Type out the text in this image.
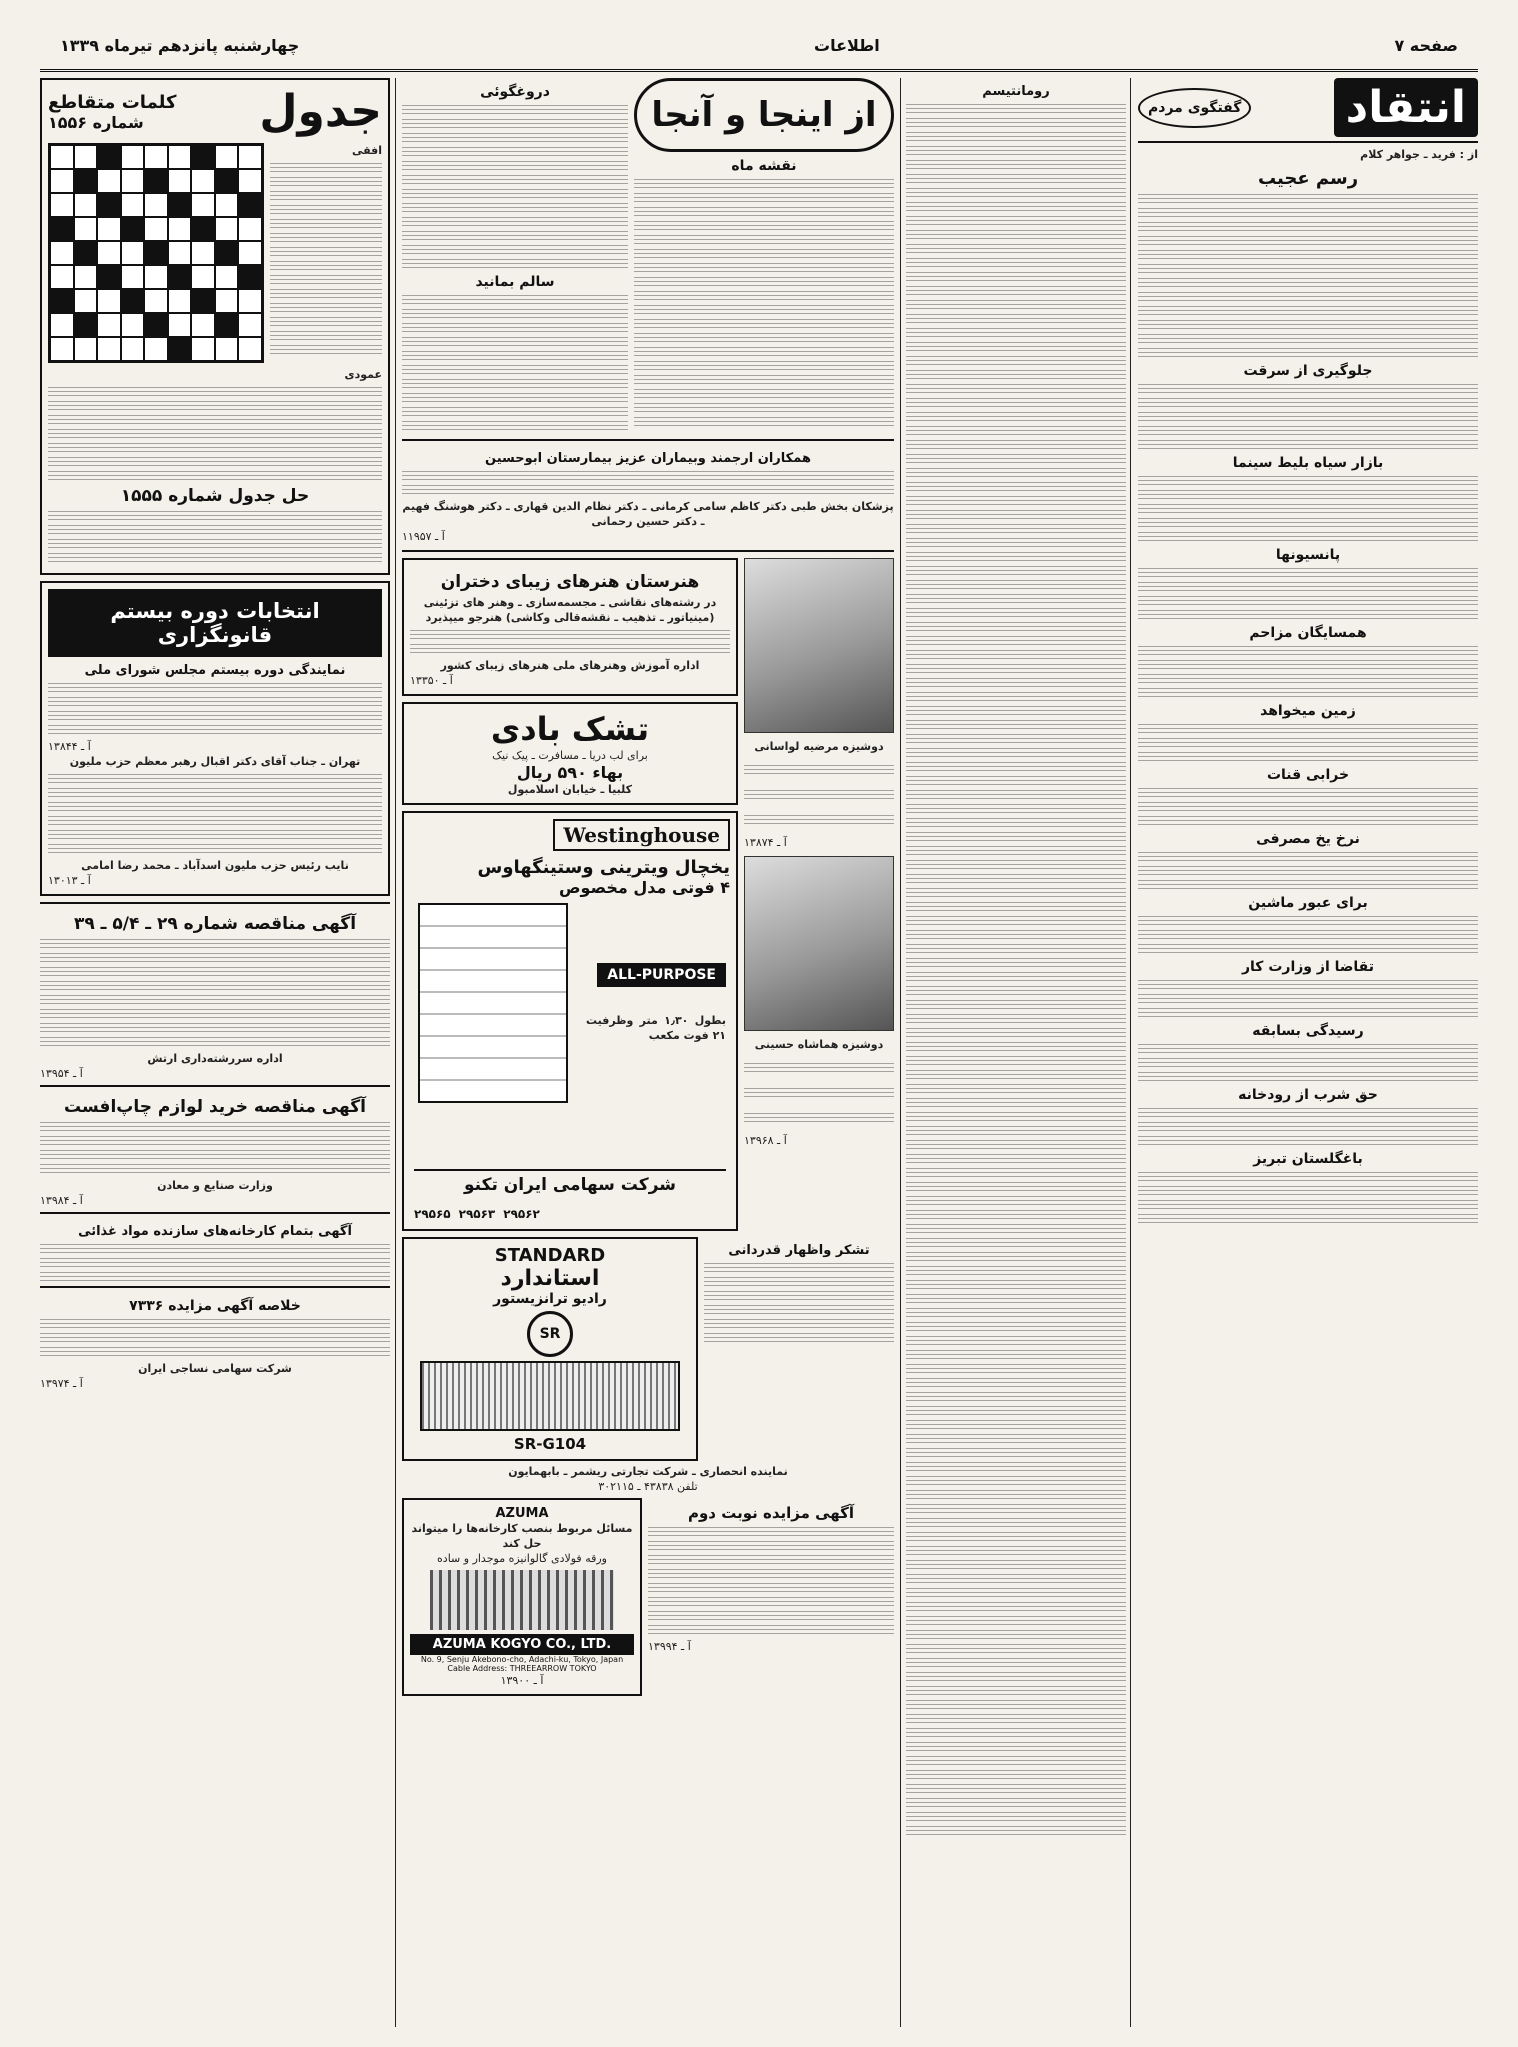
صفحه ۷
اطلاعات
چهارشنبه پانزدهم تیرماه ۱۳۳۹
انتقاد
گفتگوی مردم
از : فرید ـ جواهر کلام
رسم عجیب
جلوگیری از سرقت
بازار سیاه بلیط سینما
پانسیونها
همسایگان مزاحم
زمین میخواهد
خرابی قنات
نرخ یخ مصرفی
برای عبور ماشین
تقاضا از وزارت کار
رسیدگی بسابقه
حق شرب از رودخانه
باغگلستان تبریز
از اینجا و آنجا
نقشه ماه
دروغگوئی
سالم بمانید
همکاران ارجمند وبیماران عزیز بیمارستان ابوحسین
پزشکان بخش طبی دکتر کاظم سامی کرمانی ـ دکتر نظام الدین قهاری ـ دکتر هوشنگ فهیم ـ دکتر حسین رحمانی
آ ـ ۱۱۹۵۷
دوشیزه مرضیه لواسانی
آ ـ ۱۳۸۷۴
دوشیزه هماشاه حسینی
آ ـ ۱۳۹۶۸
هنرستان هنرهای زیبای دختران
در رشته‌های نقاشی ـ مجسمه‌سازی ـ وهنر های تزئینی (مینیاتور ـ تذهیب ـ نقشه‌قالی وکاشی) هنرجو میپذیرد
اداره آموزش وهنرهای ملی هنرهای زیبای کشور
آ ـ ۱۳۳۵۰
تشک بادی
برای لب دریا ـ مسافرت ـ پیک نیک
بهاء ۵۹۰ ریال
کلبیا ـ خیابان اسلامبول
Westinghouse
یخچال ویترینی وستینگهاوس
۴ فوتی مدل مخصوص
ALL-PURPOSE
بطول ۱٫۳۰ متر وظرفیت ۲۱ فوت مکعب
شرکت سهامی ایران تکنو
۲۹۵۶۲
۲۹۵۶۳
۲۹۵۶۵
تشکر واظهار قدردانی
STANDARD
استاندارد
رادیو ترانزیستور
SR
SR-G104
نماینده انحصاری ـ شرکت تجارتی ریشمر ـ بابهمایون
تلفن ۴۳۸۳۸ ـ ۳۰۲۱۱۵
آگهی مزایده نوبت دوم
آ ـ ۱۳۹۹۴
AZUMA
مسائل مربوط بنصب کارخانه‌ها را میتواند حل کند
ورقه فولادی گالوانیزه موجدار و ساده
AZUMA KOGYO CO., LTD.
No. 9, Senju Akebono-cho, Adachi-ku, Tokyo, Japan
Cable Address: THREEARROW TOKYO
آ ـ ۱۳۹۰۰
رومانتیسم
جدول
کلمات متقاطع
شماره ۱۵۵۶
افقی
عمودی
حل جدول شماره ۱۵۵۵
انتخابات دوره بیستم قانونگزاری
نمایندگی دوره بیستم مجلس شورای ملی
آ ـ ۱۳۸۴۴
تهران ـ جناب آقای دکتر اقبال رهبر معظم حزب ملیون
نایب رئیس حزب ملیون اسدآباد ـ محمد رضا امامی
آ ـ ۱۳۰۱۳
آگهی مناقصه شماره ۲۹ ـ ۵/۴ ـ ۳۹
اداره سررشته‌داری ارتش
آ ـ ۱۳۹۵۴
آگهی مناقصه خرید لوازم چاپ‌افست
وزارت صنایع و معادن
آ ـ ۱۳۹۸۴
آگهی بتمام کارخانه‌های سازنده مواد غذائی
خلاصه آگهی مزایده ۷۳۳۶
شرکت سهامی نساجی ایران
آ ـ ۱۳۹۷۴
